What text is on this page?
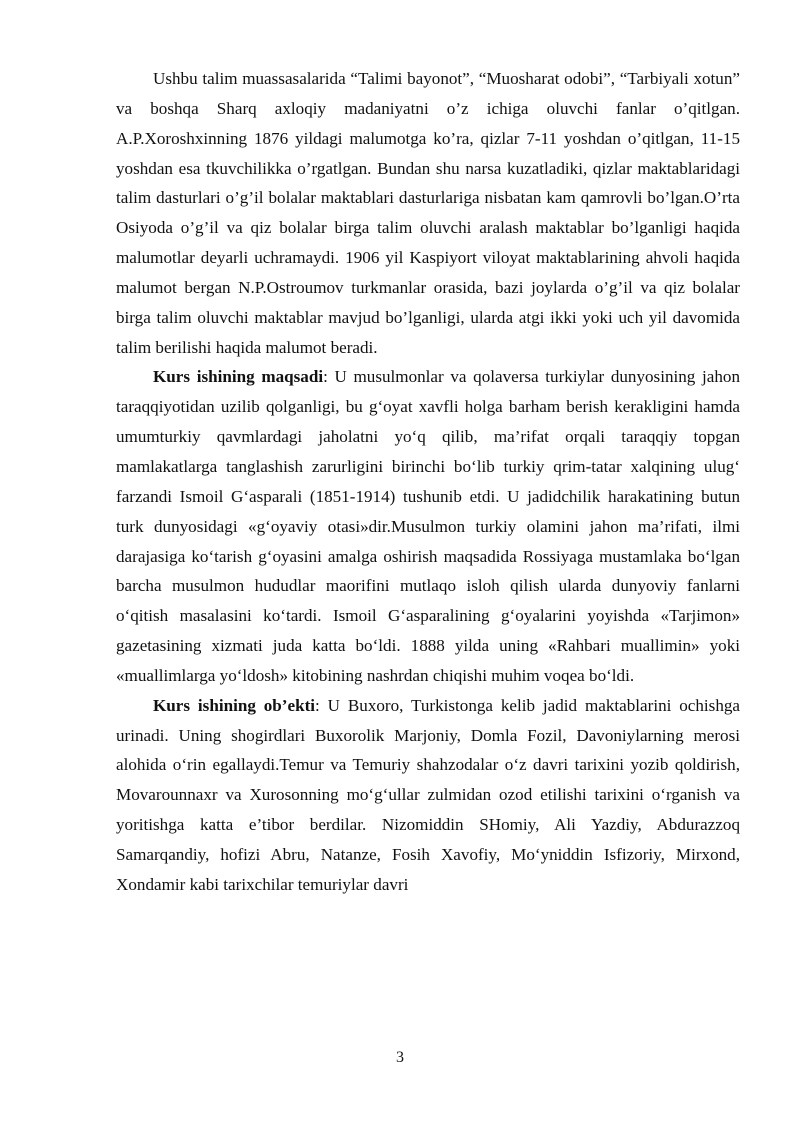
Ushbu talim muassasalarida “Talimi bayonot”, “Muosharat odobi”, “Tarbiyali xotun” va boshqa Sharq axloqiy madaniyatni o’z ichiga oluvchi fanlar o’qitlgan. A.P.Xoroshxinning 1876 yildagi malumotga ko’ra, qizlar 7-11 yoshdan o’qitlgan, 11-15 yoshdan esa tkuvchilikka o’rgatlgan. Bundan shu narsa kuzatladiki, qizlar maktablaridagi talim dasturlari o’g’il bolalar maktablari dasturlariga nisbatan kam qamrovli bo’lgan.O’rta Osiyoda o’g’il va qiz bolalar birga talim oluvchi aralash maktablar bo’lganligi haqida malumotlar deyarli uchramaydi. 1906 yil Kaspiyort viloyat maktablarining ahvoli haqida malumot bergan N.P.Ostroumov turkmanlar orasida, bazi joylarda o’g’il va qiz bolalar birga talim oluvchi maktablar mavjud bo’lganligi, ularda atgi ikki yoki uch yil davomida talim berilishi haqida malumot beradi.

Kurs ishining maqsadi: U musulmonlar va qolaversa turkiylar dunyosining jahon taraqqiyotidan uzilib qolganligi, bu g‘oyat xavfli holga barham berish kerakligini hamda umumturkiy qavmlardagi jaholatni yo‘q qilib, ma’rifat orqali taraqqiy topgan mamlakatlarga tanglashish zarurligini birinchi bo‘lib turkiy qrim-tatar xalqining ulug‘ farzandi Ismoil G‘asparali (1851-1914) tushunib etdi. U jadidchilik harakatining butun turk dunyosidagi «g‘oyaviy otasi»dir.Musulmon turkiy olamini jahon ma’rifati, ilmi darajasiga ko‘tarish g‘oyasini amalga oshirish maqsadida Rossiyaga mustamlaka bo‘lgan barcha musulmon hududlar maorifini mutlaqo isloh qilish ularda dunyoviy fanlarni o‘qitish masalasini ko‘tardi. Ismoil G‘asparalining g‘oyalarini yoyishda «Tarjimon» gazetasining xizmati juda katta bo‘ldi. 1888 yilda uning «Rahbari muallimin» yoki «muallimlarga yo‘ldosh» kitobining nashrdan chiqishi muhim voqea bo‘ldi.

Kurs ishining ob’ekti: U Buxoro, Turkistonga kelib jadid maktablarini ochishga urinadi. Uning shogirdlari Buxorolik Marjoniy, Domla Fozil, Davoniylarning merosi alohida o‘rin egallaydi.Temur va Temuriy shahzodalar o‘z davri tarixini yozib qoldirish, Movarounnaxr va Xurosonning mo‘g‘ullar zulmidan ozod etilishi tarixini o‘rganish va yoritishga katta e’tibor berdilar. Nizomiddin SHomiy, Ali Yazdiy, Abdurazzoq Samarqandiy, hofizi Abru, Natanze, Fosih Xavofiy, Mo‘yniddin Isfizoriy, Mirxond, Xondamir kabi tarixchilar temuriylar davri

3
